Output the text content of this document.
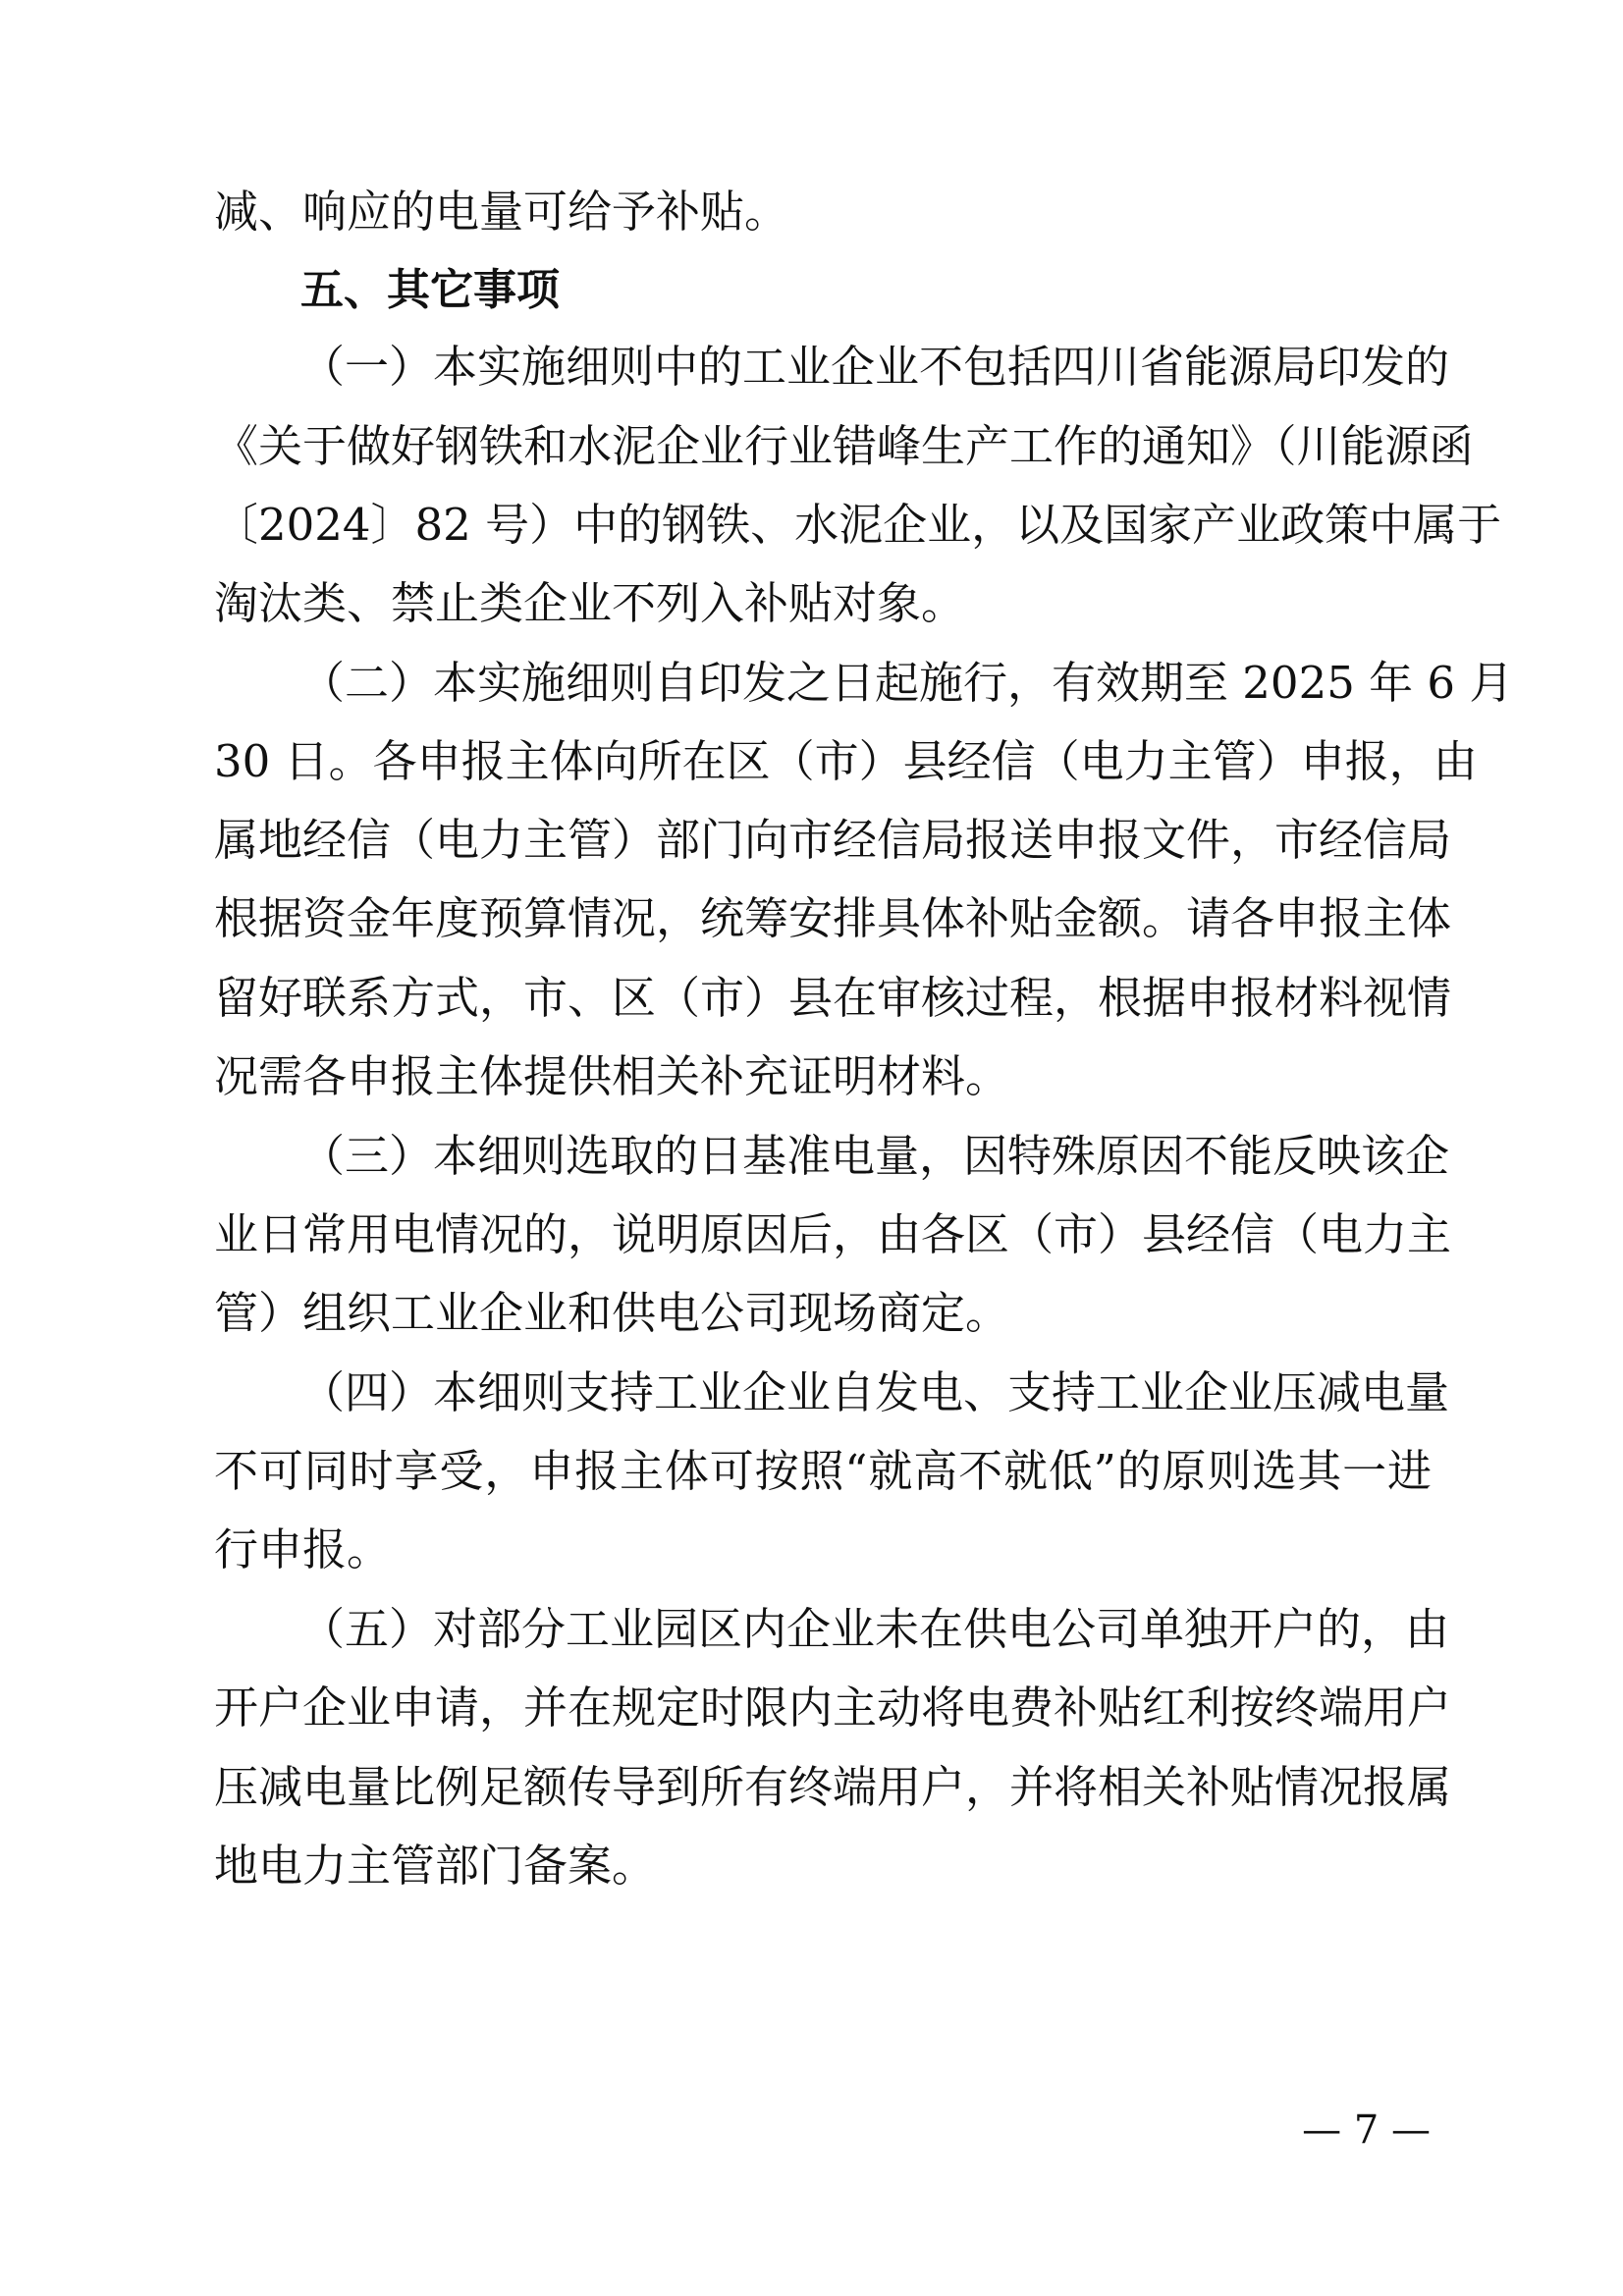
减、响应的电量可给予补贴。
五、其它事项
（一）本实施细则中的工业企业不包括四川省能源局印发的
《关于做好钢铁和水泥企业行业错峰生产工作的通知》（川能源函
〔2024〕82 号）中的钢铁、水泥企业，以及国家产业政策中属于
淘汰类、禁止类企业不列入补贴对象。
（二）本实施细则自印发之日起施行，有效期至 2025 年 6 月
30 日。各申报主体向所在区（市）县经信（电力主管）申报，由
属地经信（电力主管）部门向市经信局报送申报文件，市经信局
根据资金年度预算情况，统筹安排具体补贴金额。请各申报主体
留好联系方式，市、区（市）县在审核过程，根据申报材料视情
况需各申报主体提供相关补充证明材料。
（三）本细则选取的日基准电量，因特殊原因不能反映该企
业日常用电情况的，说明原因后，由各区（市）县经信（电力主
管）组织工业企业和供电公司现场商定。
（四）本细则支持工业企业自发电、支持工业企业压减电量
不可同时享受，申报主体可按照“就高不就低”的原则选其一进
行申报。
（五）对部分工业园区内企业未在供电公司单独开户的，由
开户企业申请，并在规定时限内主动将电费补贴红利按终端用户
压减电量比例足额传导到所有终端用户，并将相关补贴情况报属
地电力主管部门备案。
— 7 —
